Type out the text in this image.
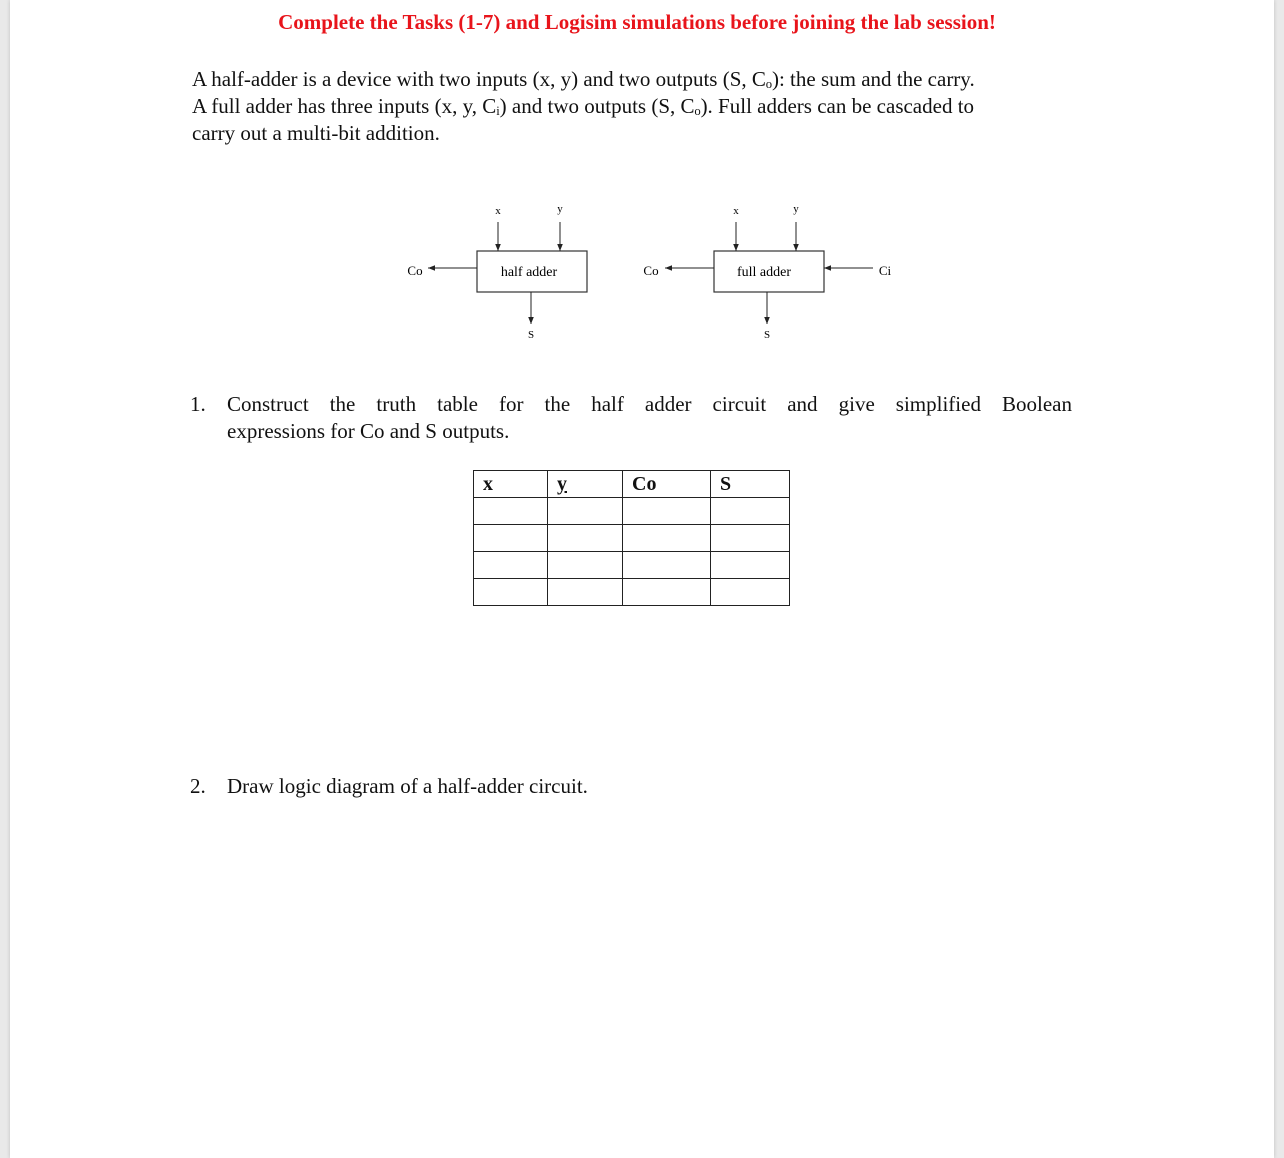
Complete the Tasks (1-7) and Logisim simulations before joining the lab session!

A half-adder is a device with two inputs (x, y) and two outputs (S, Cₒ): the sum and the carry.

A full adder has three inputs (x, y, Cᵢ) and two outputs (S, Cₒ). Full adders can be cascaded to

carry out a multi-bit addition.

half adder
x	y
Co
S
full adder
x	y
Co	Ci
S
1. Construct the truth table for the half adder circuit and give simplified Boolean
expressions for Co and S outputs.
x	y	Co	S

2. Draw logic diagram of a half-adder circuit.
